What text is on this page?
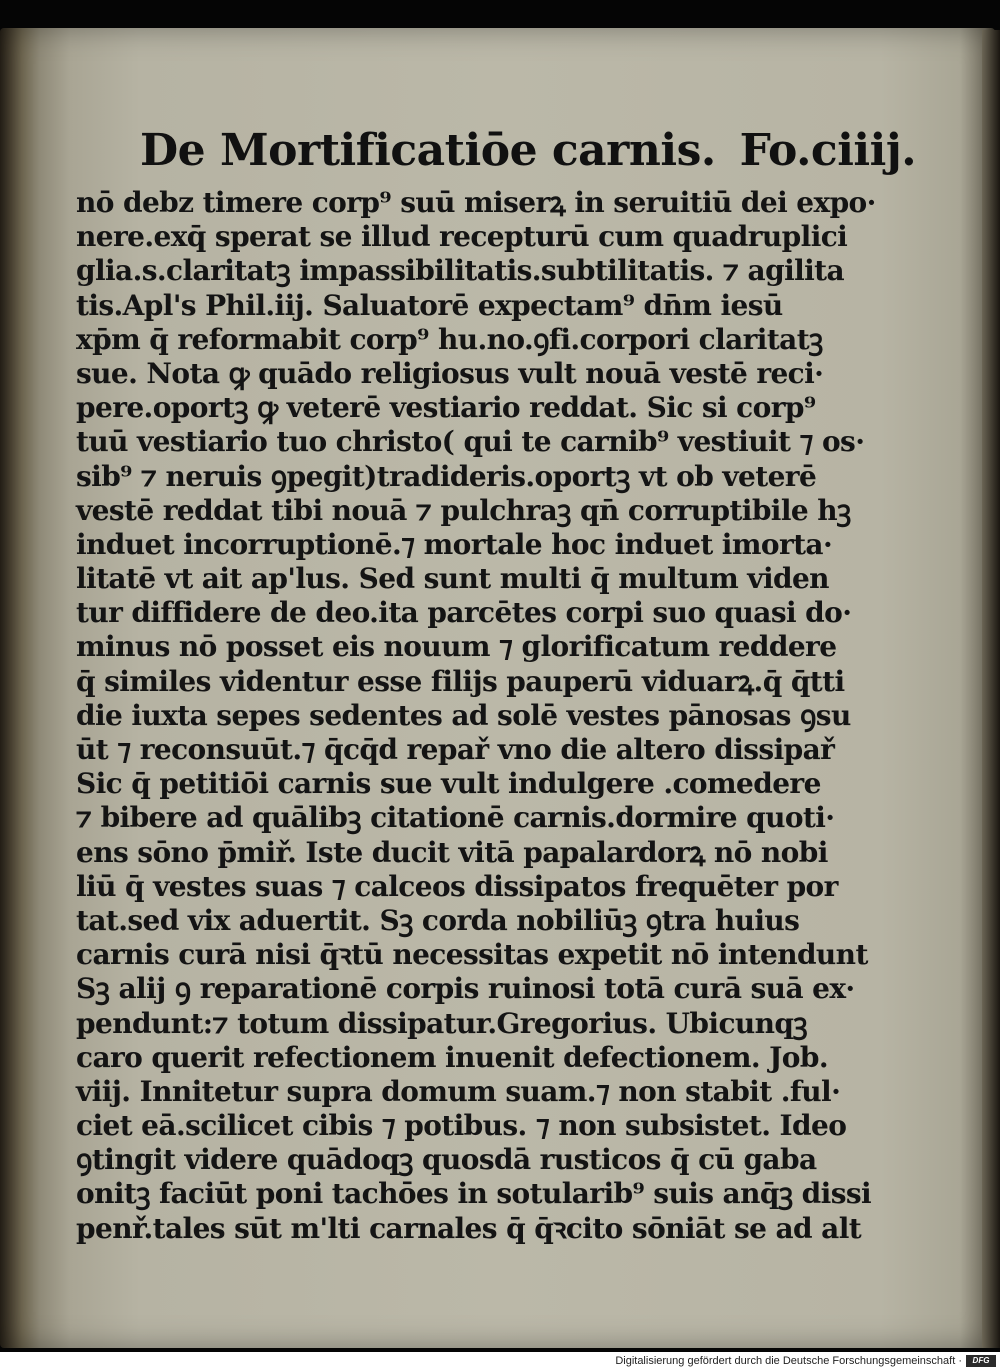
De Mortificatiōe carnis. Fo.ciiij.
nō debz timere corp⁹ suū miserꝝ in seruitiū dei expo·
nere.exq̄ sperat se illud recepturū cum quadruplici
glia.s.claritatꝫ impassibilitatis.subtilitatis. ⁊ agilita
tis.Apl's Phil.iij. Saluatorē expectam⁹ dn̄m iesū
xp̄m q̄ reformabit corp⁹ hu.no.ꝯfi.corpori claritatꝫ
sue. Nota ꝙ quādo religiosus vult nouā vestē reci·
pere.oportꝫ ꝙ veterē vestiario reddat. Sic si corp⁹
tuū vestiario tuo christo( qui te carnib⁹ vestiuit ⁊ os·
sib⁹ ⁊ neruis ꝯpegit)tradideris.oportꝫ vt ob veterē
vestē reddat tibi nouā ⁊ pulchraꝫ qn̄ corruptibile hꝫ
induet incorruptionē.⁊ mortale hoc induet imorta·
litatē vt ait ap'lus. Sed sunt multi q̄ multum viden
tur diffidere de deo.ita parcētes corpi suo quasi do·
minus nō posset eis nouum ⁊ glorificatum reddere
q̄ similes videntur esse filijs pauperū viduarꝝ.q̄ q̄tti
die iuxta sepes sedentes ad solē vestes pānosas ꝯsu
ūt ⁊ reconsuūt.⁊ q̄cq̄d repař vno die altero dissipař
Sic q̄ petitiōi carnis sue vult indulgere .comedere
⁊ bibere ad quālibꝫ citationē carnis.dormire quoti·
ens sōno p̄miř. Iste ducit vitā papalardorꝝ nō nobi
liū q̄ vestes suas ⁊ calceos dissipatos frequēter por
tat.sed vix aduertit. Sꝫ corda nobiliūꝫ ꝯtra huius
carnis curā nisi q̄ꝛtū necessitas expetit nō intendunt
Sꝫ alij ꝯ reparationē corpis ruinosi totā curā suā ex·
pendunt:⁊ totum dissipatur.Gregorius. Ubicunqꝫ
caro querit refectionem inuenit defectionem. Job.
viij. Innitetur supra domum suam.⁊ non stabit .ful·
ciet eā.scilicet cibis ⁊ potibus. ⁊ non subsistet. Ideo
ꝯtingit videre quādoqꝫ quosdā rusticos q̄ cū gaba
onitꝫ faciūt poni tachōes in sotularib⁹ suis anq̄ꝫ dissi
penř.tales sūt m'lti carnales q̄ q̄ꝛcito sōniāt se ad alt
Digitalisierung gefördert durch die Deutsche Forschungsgemeinschaft ·	DFG
